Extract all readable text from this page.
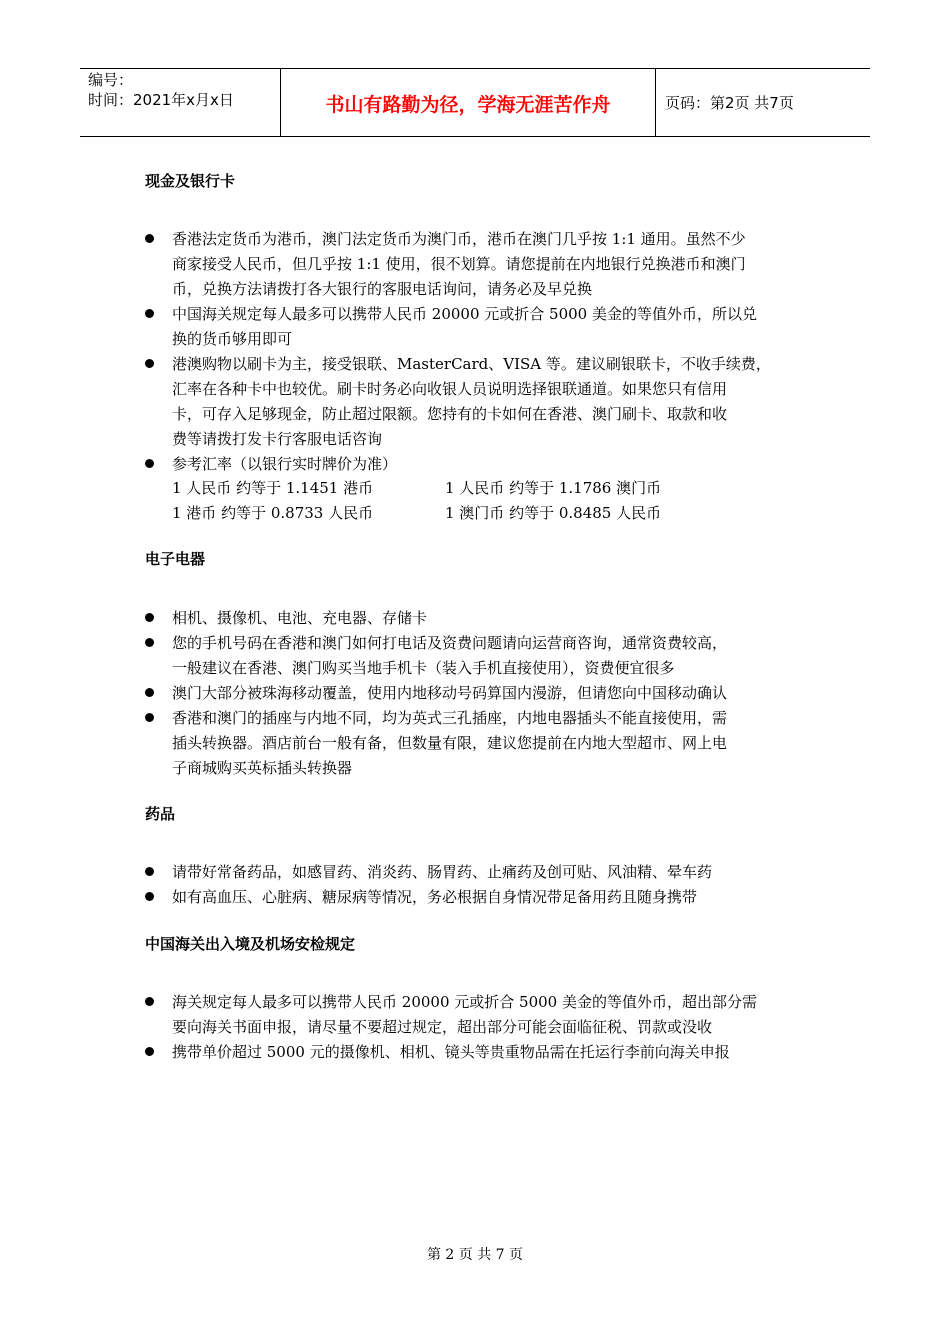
编号：
时间：2021年x月x日	书山有路勤为径，学海无涯苦作舟	页码：第2页 共7页
现金及银行卡
香港法定货币为港币，澳门法定货币为澳门币，港币在澳门几乎按 1:1 通用。虽然不少
商家接受人民币，但几乎按 1:1 使用，很不划算。请您提前在内地银行兑换港币和澳门
币，兑换方法请拨打各大银行的客服电话询问，请务必及早兑换
中国海关规定每人最多可以携带人民币 20000 元或折合 5000 美金的等值外币，所以兑
换的货币够用即可
港澳购物以刷卡为主，接受银联、MasterCard、VISA 等。建议刷银联卡，不收手续费，
汇率在各种卡中也较优。刷卡时务必向收银人员说明选择银联通道。如果您只有信用
卡，可存入足够现金，防止超过限额。您持有的卡如何在香港、澳门刷卡、取款和收
费等请拨打发卡行客服电话咨询
参考汇率（以银行实时牌价为准）
1 人民币 约等于 1.1451 港币	1 人民币 约等于 1.1786 澳门币
1 港币 约等于 0.8733 人民币	1 澳门币 约等于 0.8485 人民币
电子电器
相机、摄像机、电池、充电器、存储卡
您的手机号码在香港和澳门如何打电话及资费问题请向运营商咨询，通常资费较高，
一般建议在香港、澳门购买当地手机卡（装入手机直接使用），资费便宜很多
澳门大部分被珠海移动覆盖，使用内地移动号码算国内漫游，但请您向中国移动确认
香港和澳门的插座与内地不同，均为英式三孔插座，内地电器插头不能直接使用，需
插头转换器。酒店前台一般有备，但数量有限，建议您提前在内地大型超市、网上电
子商城购买英标插头转换器
药品
请带好常备药品，如感冒药、消炎药、肠胃药、止痛药及创可贴、风油精、晕车药
如有高血压、心脏病、糖尿病等情况，务必根据自身情况带足备用药且随身携带
中国海关出入境及机场安检规定
海关规定每人最多可以携带人民币 20000 元或折合 5000 美金的等值外币，超出部分需
要向海关书面申报，请尽量不要超过规定，超出部分可能会面临征税、罚款或没收
携带单价超过 5000 元的摄像机、相机、镜头等贵重物品需在托运行李前向海关申报
第 2 页 共 7 页
